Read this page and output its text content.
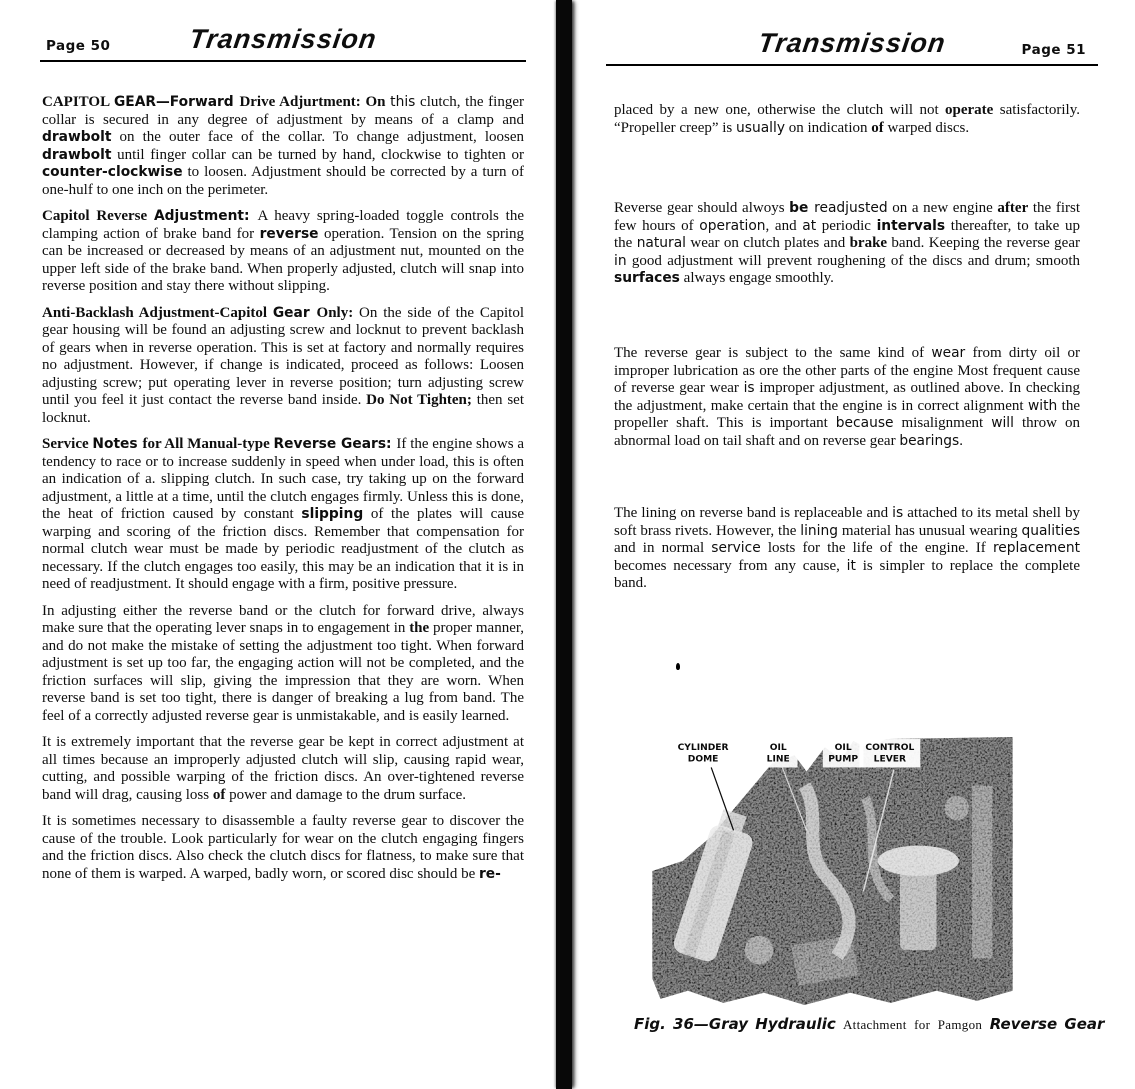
Page 50	Transmission

CAPITOL GEAR—Forward Drive Adjurtment: On this clutch, the finger collar is secured in any degree of adjustment by means of a clamp and drawbolt on the outer face of the collar. To change adjustment, loosen drawbolt until finger collar can be turned by hand, clockwise to tighten or counter-clockwise to loosen. Adjustment should be corrected by a turn of one-hulf to one inch on the perimeter.

Capitol Reverse Adjustment: A heavy spring-loaded toggle controls the clamping action of brake band for reverse operation. Tension on the spring can be increased or decreased by means of an adjustment nut, mounted on the upper left side of the brake band. When properly adjusted, clutch will snap into reverse position and stay there without slipping.

Anti-Backlash Adjustment-Capitol Gear Only: On the side of the Capitol gear housing will be found an adjusting screw and locknut to prevent backlash of gears when in reverse operation. This is set at factory and normally requires no adjustment. However, if change is indicated, proceed as follows: Loosen adjusting screw; put operating lever in reverse position; turn adjusting screw until you feel it just contact the reverse band inside. Do Not Tighten; then set locknut.

Service Notes for All Manual-type Reverse Gears: If the engine shows a tendency to race or to increase suddenly in speed when under load, this is often an indication of a. slipping clutch. In such case, try taking up on the forward adjustment, a little at a time, until the clutch engages firmly. Unless this is done, the heat of friction caused by constant slipping of the plates will cause warping and scoring of the friction discs. Remember that compensation for normal clutch wear must be made by periodic readjustment of the clutch as necessary. If the clutch engages too easily, this may be an indication that it is in need of readjustment. It should engage with a firm, positive pressure.

In adjusting either the reverse band or the clutch for forward drive, always make sure that the operating lever snaps in to engagement in the proper manner, and do not make the mistake of setting the adjustment too tight. When forward adjustment is set up too far, the engaging action will not be completed, and the friction surfaces will slip, giving the impression that they are worn. When reverse band is set too tight, there is danger of breaking a lug from band. The feel of a correctly adjusted reverse gear is unmistakable, and is easily learned.

It is extremely important that the reverse gear be kept in correct adjustment at all times because an improperly adjusted clutch will slip, causing rapid wear, cutting, and possible warping of the friction discs. An over-tightened reverse band will drag, causing loss of power and damage to the drum surface.

It is sometimes necessary to disassemble a faulty reverse gear to discover the cause of the trouble. Look particularly for wear on the clutch engaging fingers and the friction discs. Also check the clutch discs for flatness, to make sure that none of them is warped. A warped, badly worn, or scored disc should be re-

Transmission	Page 51

placed by a new one, otherwise the clutch will not operate satisfactorily. “Propeller creep” is usually on indication of warped discs.

Reverse gear should alwoys be readjusted on a new engine after the first few hours of operation, and at periodic intervals thereafter, to take up the natural wear on clutch plates and brake band. Keeping the reverse gear in good adjustment will prevent roughening of the discs and drum; smooth surfaces always engage smoothly.

The reverse gear is subject to the same kind of wear from dirty oil or improper lubrication as ore the other parts of the engine Most frequent cause of reverse gear wear is improper adjustment, as outlined above. In checking the adjustment, make certain that the engine is in correct alignment with the propeller shaft. This is important because misalignment will throw on abnormal load on tail shaft and on reverse gear bearings.

The lining on reverse band is replaceable and is attached to its metal shell by soft brass rivets. However, the lining material has unusual wearing qualities and in normal service losts for the life of the engine. If replacement becomes necessary from any cause, it is simpler to replace the complete band.

CYLINDER
DOME
OIL
LINE
OIL
PUMP
CONTROL
LEVER
Fig. 36—Gray Hydraulic Attachment for Pamgon Reverse Gear
